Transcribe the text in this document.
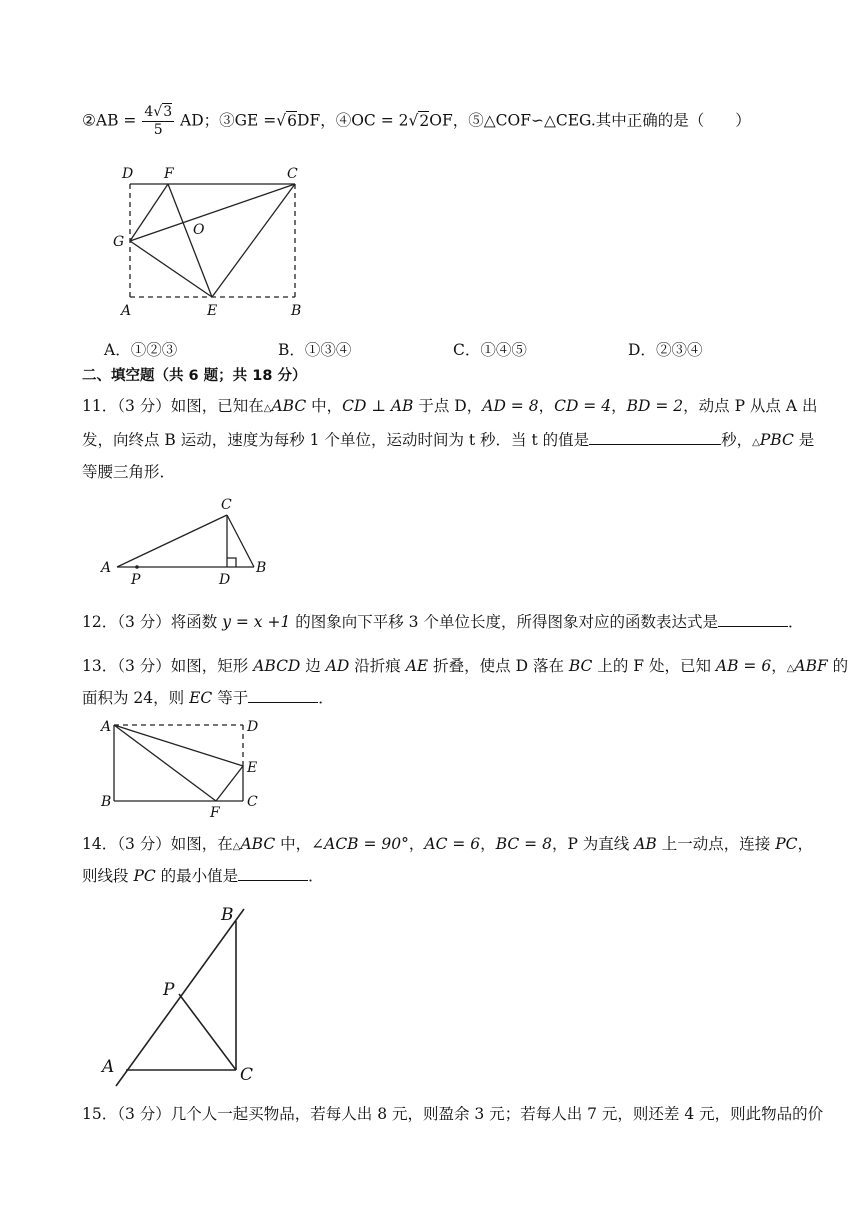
②AB = $\frac{4√3}{5}$ AD；③GE =√6DF，④OC = 2√2OF，⑤△COF∽△CEG.其中正确的是（　　）
D F	C
G
O
A	E	B
A．①②③	B．①③④	C．①④⑤	D．②③④
二、填空题（共 6 题；共 18 分）
11．（3 分）如图，已知在△ABC 中，CD ⊥ AB 于点 D，AD = 8，CD = 4，BD = 2，动点 P 从点 A 出
发，向终点 B 运动，速度为每秒 1 个单位，运动时间为 t 秒．当 t 的值是	秒，△PBC 是
等腰三角形．
A
P
C
D
B
12．（3 分）将函数 y = x +1 的图象向下平移 3 个单位长度，所得图象对应的函数表达式是	．
13．（3 分）如图，矩形 ABCD 边 AD 沿折痕 AE 折叠，使点 D 落在 BC 上的 F 处，已知 AB = 6，△ABF 的
面积为 24，则 EC 等于	．
A	D
E
B
F
C
14．（3 分）如图，在△ABC 中，∠ACB = 90°，AC = 6，BC = 8，P 为直线 AB 上一动点，连接 PC，
则线段 PC 的最小值是	．
B
P
A	C
15．（3 分）几个人一起买物品，若每人出 8 元，则盈余 3 元；若每人出 7 元，则还差 4 元，则此物品的价
